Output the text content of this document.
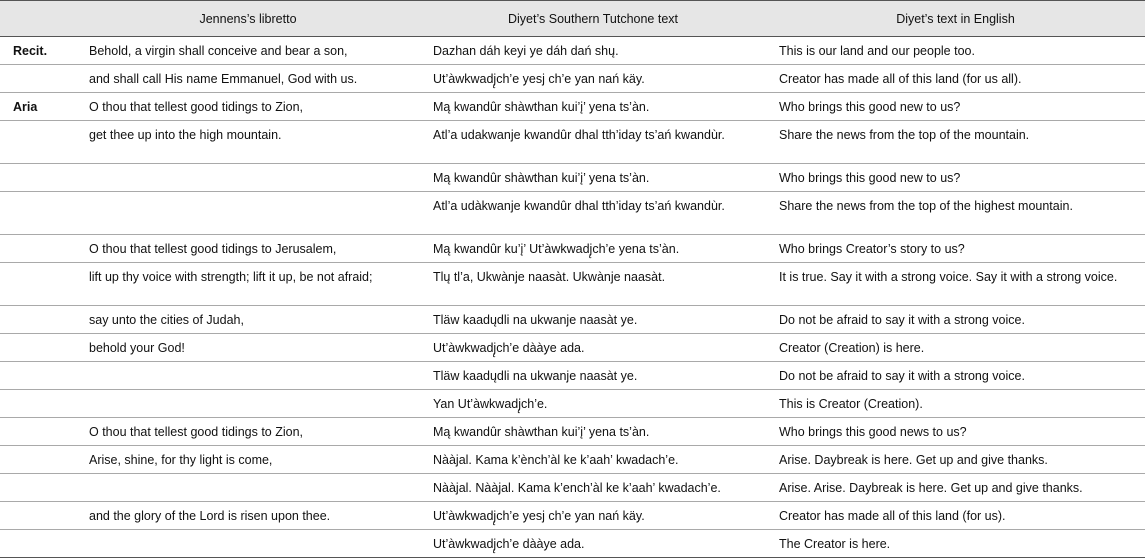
	Jennens’s libretto	Diyet’s Southern Tutchone text	Diyet’s text in English

Recit.	Behold, a virgin shall conceive and bear a son,	Dazhan dáh keyi ye dáh dań shų.	This is our land and our people too.

	and shall call His name Emmanuel, God with us.	Ut’àwkwadj̨ch’e yesj ch’e yan nań käy.	Creator has made all of this land (for us all).

Aria	O thou that tellest good tidings to Zion,	Mą kwandûr shàwthan kui’į’ yena ts’àn.	Who brings this good new to us?

	get thee up into the high mountain.	Atl’a udakwanje kwandûr dhal tth’iday ts’ań kwandùr.	Share the news from the top of the mountain.

		Mą kwandûr shàwthan kui’į’ yena ts’àn.	Who brings this good new to us?

		Atl’a udàkwanje kwandûr dhal tth’iday ts’ań kwandùr.	Share the news from the top of the highest mountain.

	O thou that tellest good tidings to Jerusalem,	Mą kwandûr ku’į’ Ut’àwkwadj̨ch’e yena ts’àn.	Who brings Creator’s story to us?

	lift up thy voice with strength; lift it up, be not afraid;	Tlų tl’a, Ukwànje naasàt. Ukwànje naasàt.	It is true. Say it with a strong voice. Say it with a strong voice.

	say unto the cities of Judah,	Tläw kaadųdli na ukwanje naasàt ye.	Do not be afraid to say it with a strong voice.

	behold your God!	Ut’àwkwadj̨ch’e dààye ada.	Creator (Creation) is here.

		Tläw kaadųdli na ukwanje naasàt ye.	Do not be afraid to say it with a strong voice.

		Yan Ut’àwkwadj̨ch’e.	This is Creator (Creation).

	O thou that tellest good tidings to Zion,	Mą kwandûr shàwthan kui’į’ yena ts’àn.	Who brings this good news to us?

	Arise, shine, for thy light is come,	Nààjal. Kama k’ènch’àl ke k’aah’ kwadach’e.	Arise. Daybreak is here. Get up and give thanks.

		Nààjal. Nààjal. Kama k’ench’àl ke k’aah’ kwadach’e.	Arise. Arise. Daybreak is here. Get up and give thanks.

	and the glory of the Lord is risen upon thee.	Ut’àwkwadj̨ch’e yesj ch’e yan nań käy.	Creator has made all of this land (for us).

		Ut’àwkwadj̨ch’e dààye ada.	The Creator is here.
